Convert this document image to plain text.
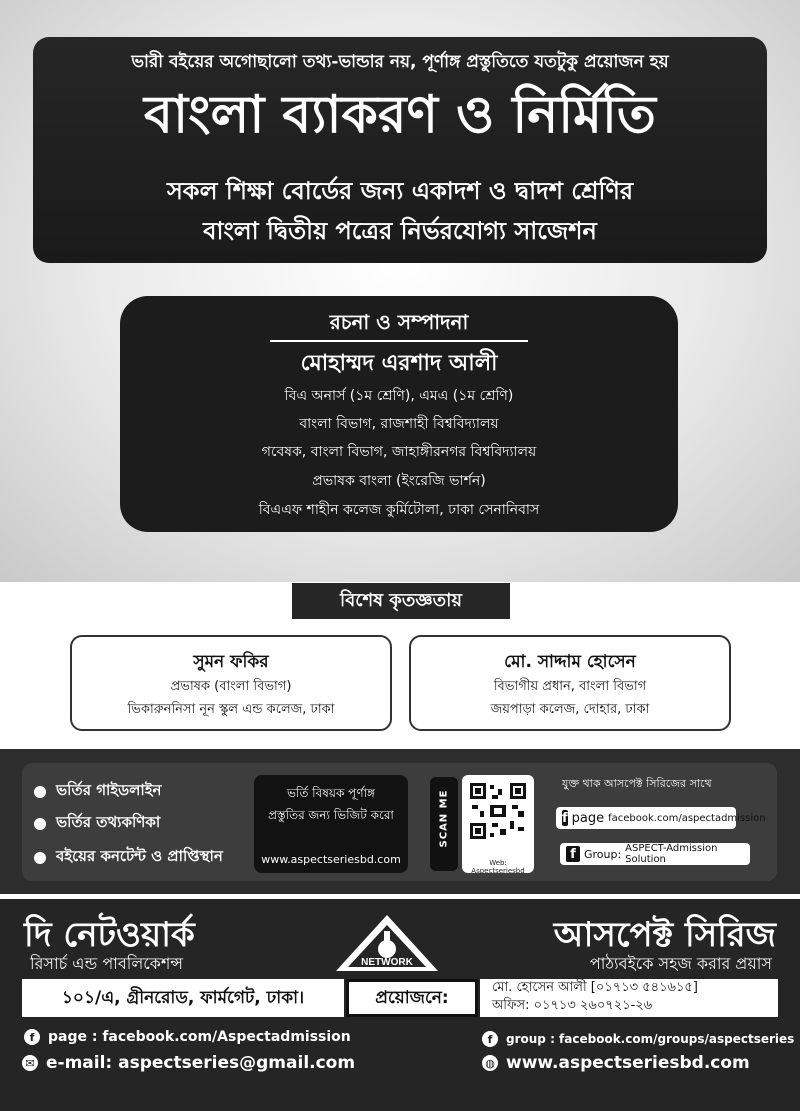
ভারী বইয়ের অগোছালো তথ্য-ভান্ডার নয়, পূর্ণাঙ্গ প্রস্তুতিতে যতটুকু প্রয়োজন হয়
বাংলা ব্যাকরণ ও নির্মিতি
সকল শিক্ষা বোর্ডের জন্য একাদশ ও দ্বাদশ শ্রেণির
বাংলা দ্বিতীয় পত্রের নির্ভরযোগ্য সাজেশন
রচনা ও সম্পাদনা
মোহাম্মদ এরশাদ আলী
বিএ অনার্স (১ম শ্রেণি), এমএ (১ম শ্রেণি)
বাংলা বিভাগ, রাজশাহী বিশ্ববিদ্যালয়
গবেষক, বাংলা বিভাগ, জাহাঙ্গীরনগর বিশ্ববিদ্যালয়
প্রভাষক বাংলা (ইংরেজি ভার্শন)
বিএএফ শাহীন কলেজ কুর্মিটোলা, ঢাকা সেনানিবাস
বিশেষ কৃতজ্ঞতায়
সুমন ফকির
প্রভাষক (বাংলা বিভাগ)
ভিকারুননিসা নূন স্কুল এন্ড কলেজ, ঢাকা
মো. সাদ্দাম হোসেন
বিভাগীয় প্রধান, বাংলা বিভাগ
জয়পাড়া কলেজ, দোহার, ঢাকা
ভর্তির গাইডলাইন
ভর্তির তথ্যকণিকা
বইয়ের কনটেন্ট ও প্রাপ্তিস্থান
ভর্তি বিষয়ক পূর্ণাঙ্গ
প্রস্তুতির জন্য ভিজিট করো
www.aspectseriesbd.com
SCAN ME
Web: Aspectseriesbd
যুক্ত থাক আসপেক্ট সিরিজের সাথে
f page facebook.com/aspectadmission
f Group: ASPECT-Admission Solution
দি নেটওয়ার্ক
রিসার্চ এন্ড পাবলিকেশন্স	NETWORK
আসপেক্ট সিরিজ
পাঠ্যবইকে সহজ করার প্রয়াস
১০১/এ, গ্রীনরোড, ফার্মগেট, ঢাকা।	প্রয়োজনে:
মো. হোসেন আলী [০১৭১৩ ৫৪১৬১৫]
অফিস: ০১৭১৩ ২৬০৭২১-২৬
f page : facebook.com/Aspectadmission	f	group : facebook.com/groups/aspectseries
✉ e-mail: aspectseries@gmail.com	◍ www.aspectseriesbd.com
